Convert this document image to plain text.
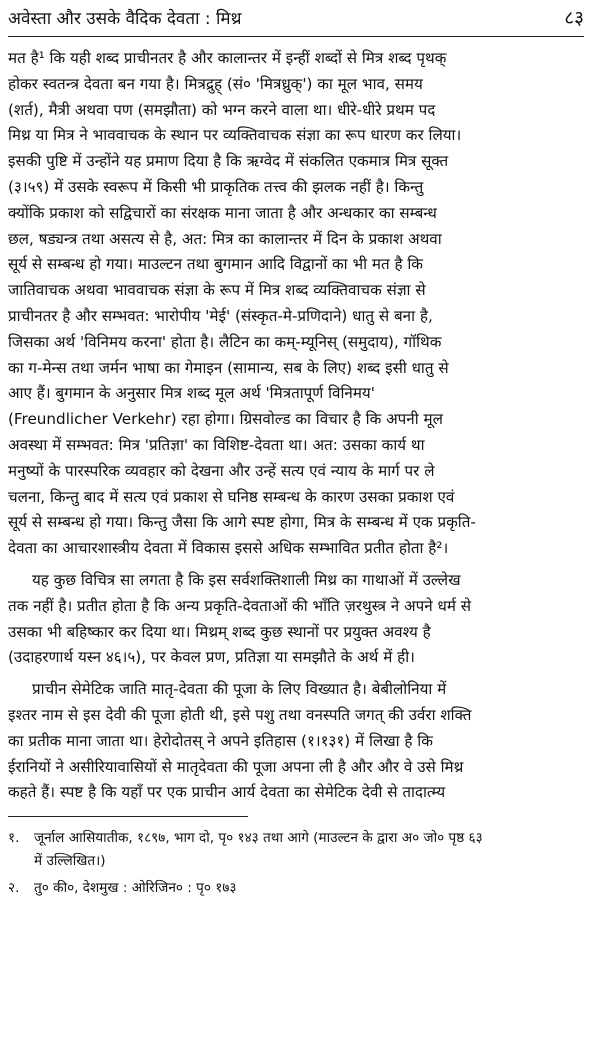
अवेस्ता और उसके वैदिक देवता : मिथ्र	८३

मत है¹ कि यही शब्द प्राचीनतर है और कालान्तर में इन्हीं शब्दों से मित्र शब्द पृथक्
होकर स्वतन्त्र देवता बन गया है। मित्रद्रुह् (सं० 'मित्रध्रुक्') का मूल भाव, समय
(शर्त), मैत्री अथवा पण (समझौता) को भग्न करने वाला था। धीरे-धीरे प्रथम पद
मिथ्र या मित्र ने भाववाचक के स्थान पर व्यक्तिवाचक संज्ञा का रूप धारण कर लिया।
इसकी पुष्टि में उन्होंने यह प्रमाण दिया है कि ऋग्वेद में संकलित एकमात्र मित्र सूक्त
(३।५९) में उसके स्वरूप में किसी भी प्राकृतिक तत्त्व की झलक नहीं है। किन्तु
क्योंकि प्रकाश को सद्विचारों का संरक्षक माना जाता है और अन्धकार का सम्बन्ध
छल, षड्यन्त्र तथा असत्य से है, अत: मित्र का कालान्तर में दिन के प्रकाश अथवा
सूर्य से सम्बन्ध हो गया। माउल्टन तथा बुगमान आदि विद्वानों का भी मत है कि
जातिवाचक अथवा भाववाचक संज्ञा के रूप में मित्र शब्द व्यक्तिवाचक संज्ञा से
प्राचीनतर है और सम्भवत: भारोपीय 'मेई' (संस्कृत-मे-प्रणिदाने) धातु से बना है,
जिसका अर्थ 'विनिमय करना' होता है। लैटिन का कम्-म्यूनिस् (समुदाय), गॉथिक
का ग-मेन्स तथा जर्मन भाषा का गेमाइन (सामान्य, सब के लिए) शब्द इसी धातु से
आए हैं। बुगमान के अनुसार मित्र शब्द मूल अर्थ 'मित्रतापूर्ण विनिमय'
(Freundlicher Verkehr) रहा होगा। ग्रिसवोल्ड का विचार है कि अपनी मूल
अवस्था में सम्भवत: मित्र 'प्रतिज्ञा' का विशिष्ट-देवता था। अत: उसका कार्य था
मनुष्यों के पारस्परिक व्यवहार को देखना और उन्हें सत्य एवं न्याय के मार्ग पर ले
चलना, किन्तु बाद में सत्य एवं प्रकाश से घनिष्ठ सम्बन्ध के कारण उसका प्रकाश एवं
सूर्य से सम्बन्ध हो गया। किन्तु जैसा कि आगे स्पष्ट होगा, मित्र के सम्बन्ध में एक प्रकृति-
देवता का आचारशास्त्रीय देवता में विकास इससे अधिक सम्भावित प्रतीत होता है²।

यह कुछ विचित्र सा लगता है कि इस सर्वशक्तिशाली मिथ्र का गाथाओं में उल्लेख
तक नहीं है। प्रतीत होता है कि अन्य प्रकृति-देवताओं की भाँति ज़रथुस्त्र ने अपने धर्म से
उसका भी बहिष्कार कर दिया था। मिथ्रम् शब्द कुछ स्थानों पर प्रयुक्त अवश्य है
(उदाहरणार्थ यस्न ४६।५), पर केवल प्रण, प्रतिज्ञा या समझौते के अर्थ में ही।

प्राचीन सेमेटिक जाति मातृ-देवता की पूजा के लिए विख्यात है। बेबीलोनिया में
इश्तर नाम से इस देवी की पूजा होती थी, इसे पशु तथा वनस्पति जगत् की उर्वरा शक्ति
का प्रतीक माना जाता था। हेरोदोतस् ने अपने इतिहास (१।१३१) में लिखा है कि
ईरानियों ने असीरियावासियों से मातृदेवता की पूजा अपना ली है और और वे उसे मिथ्र
कहते हैं। स्पष्ट है कि यहाँ पर एक प्राचीन आर्य देवता का सेमेटिक देवी से तादात्म्य

१.	जूर्नाल आसियातीक, १८९७, भाग दो, पृ० १४३ तथा आगे (माउल्टन के द्वारा अ० जो० पृष्ठ ६३
में उल्लिखित।)
२.	तु० की०, देशमुख : ओरिजिन० : पृ० १७३
